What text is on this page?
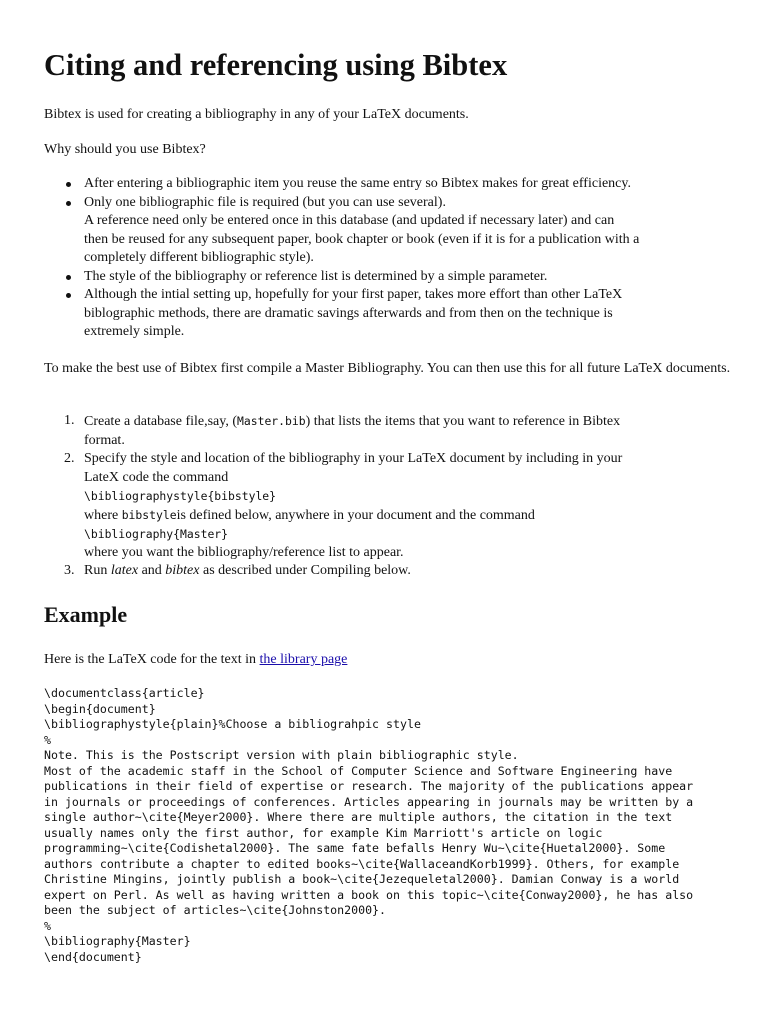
Citing and referencing using Bibtex

Bibtex is used for creating a bibliography in any of your LaTeX documents.

Why should you use Bibtex?

After entering a bibliographic item you reuse the same entry so Bibtex makes for great efficiency.
Only one bibliographic file is required (but you can use several).
A reference need only be entered once in this database (and updated if necessary later) and can
then be reused for any subsequent paper, book chapter or book (even if it is for a publication with a
completely different bibliographic style).
The style of the bibliography or reference list is determined by a simple parameter.
Although the intial setting up, hopefully for your first paper, takes more effort than other LaTeX
biblographic methods, there are dramatic savings afterwards and from then on the technique is
extremely simple.

To make the best use of Bibtex first compile a Master Bibliography. You can then use this for all future LaTeX documents.

1. Create a database file,say, (Master.bib) that lists the items that you want to reference in Bibtex
format.
2. Specify the style and location of the bibliography in your LaTeX document by including in your
LateX code the command

\bibliographystyle{bibstyle}
where bibstyleis defined below, anywhere in your document and the command

\bibliography{Master}
where you want the bibliography/reference list to appear.
3. Run latex and bibtex as described under Compiling below.
Example

Here is the LaTeX code for the text in the library page

\documentclass{article}
\begin{document}
\bibliographystyle{plain}%Choose a bibliograhpic style
%
Note. This is the Postscript version with plain bibliographic style.
Most of the academic staff in the School of Computer Science and Software Engineering have
publications in their field of expertise or research. The majority of the publications appear
in journals or proceedings of conferences. Articles appearing in journals may be written by a
single author~\cite{Meyer2000}. Where there are multiple authors, the citation in the text
usually names only the first author, for example Kim Marriott's article on logic
programming~\cite{Codishetal2000}. The same fate befalls Henry Wu~\cite{Huetal2000}. Some
authors contribute a chapter to edited books~\cite{WallaceandKorb1999}. Others, for example
Christine Mingins, jointly publish a book~\cite{Jezequeletal2000}. Damian Conway is a world
expert on Perl. As well as having written a book on this topic~\cite{Conway2000}, he has also
been the subject of articles~\cite{Johnston2000}.
%
\bibliography{Master}
\end{document}
